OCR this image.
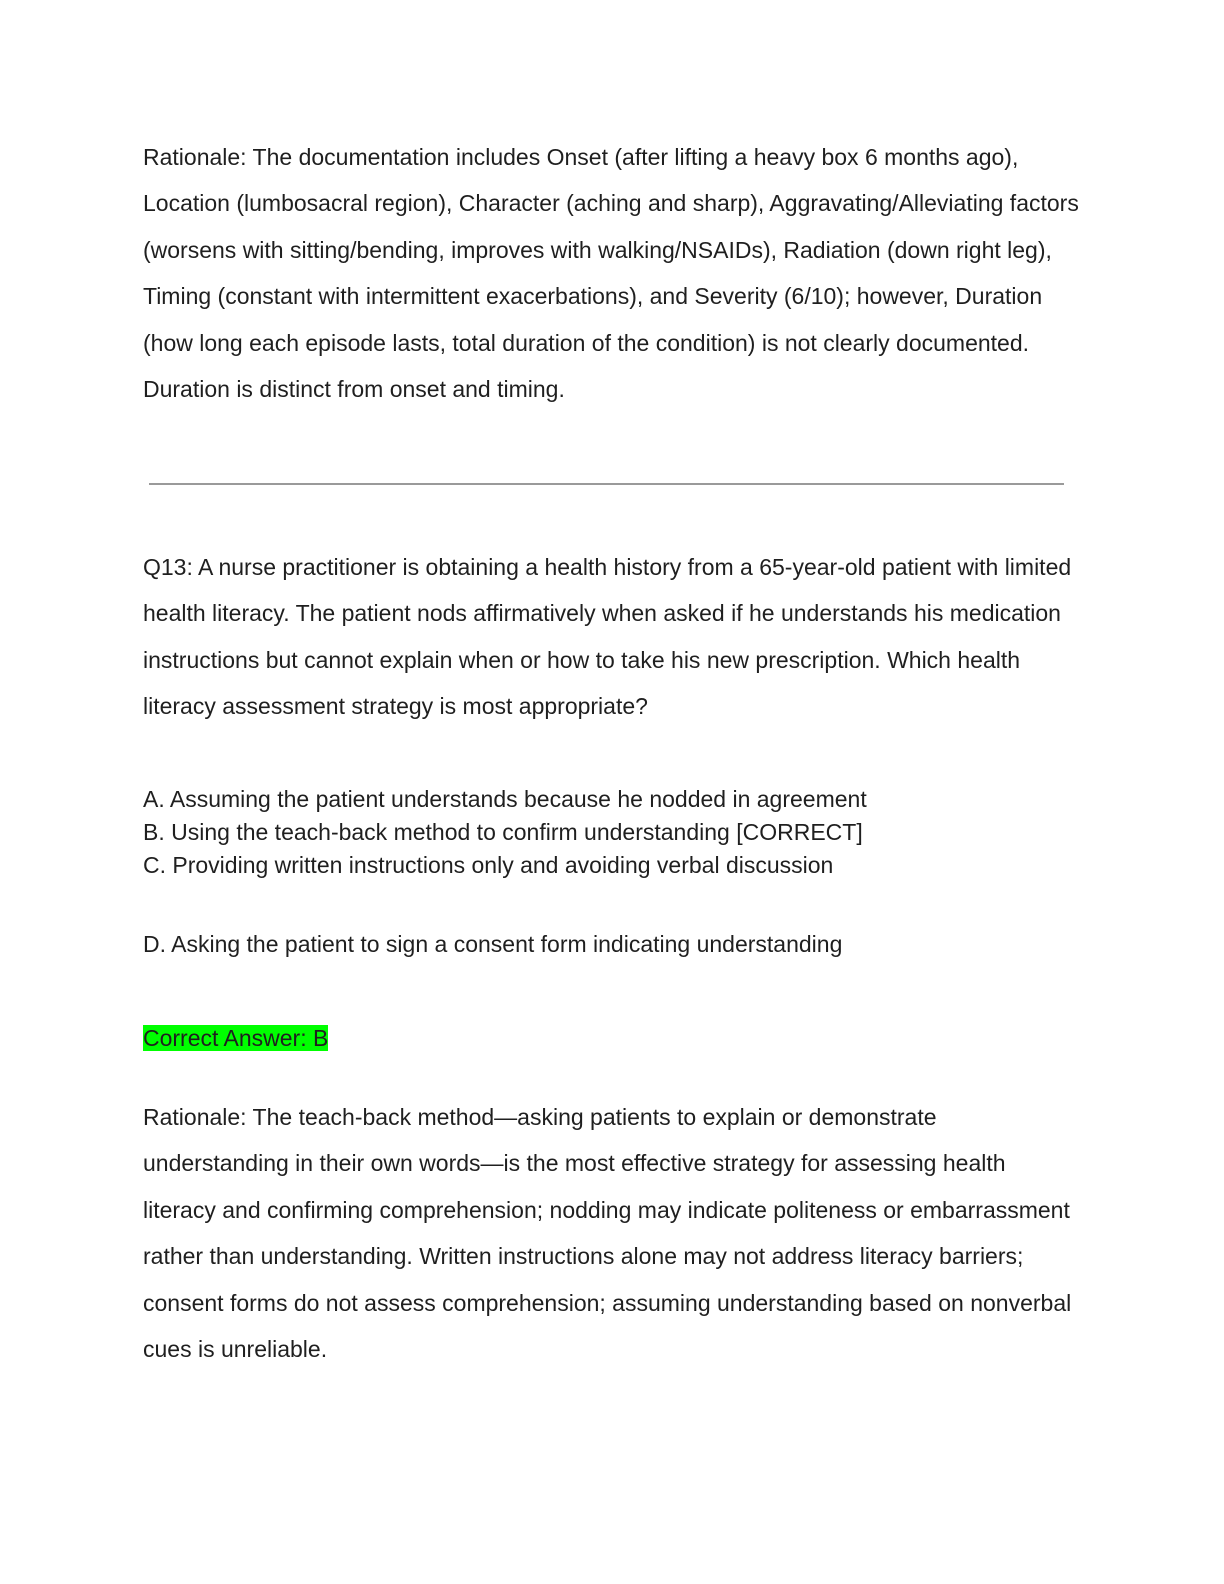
Rationale: The documentation includes Onset (after lifting a heavy box 6 months ago), Location (lumbosacral region), Character (aching and sharp), Aggravating/Alleviating factors (worsens with sitting/bending, improves with walking/NSAIDs), Radiation (down right leg), Timing (constant with intermittent exacerbations), and Severity (6/10); however, Duration (how long each episode lasts, total duration of the condition) is not clearly documented. Duration is distinct from onset and timing.

Q13: A nurse practitioner is obtaining a health history from a 65-year-old patient with limited health literacy. The patient nods affirmatively when asked if he understands his medication instructions but cannot explain when or how to take his new prescription. Which health literacy assessment strategy is most appropriate?

A. Assuming the patient understands because he nodded in agreement
B. Using the teach-back method to confirm understanding [CORRECT]
C. Providing written instructions only and avoiding verbal discussion
D. Asking the patient to sign a consent form indicating understanding
Correct Answer: B

Rationale: The teach-back method—asking patients to explain or demonstrate understanding in their own words—is the most effective strategy for assessing health literacy and confirming comprehension; nodding may indicate politeness or embarrassment rather than understanding. Written instructions alone may not address literacy barriers; consent forms do not assess comprehension; assuming understanding based on nonverbal cues is unreliable.
